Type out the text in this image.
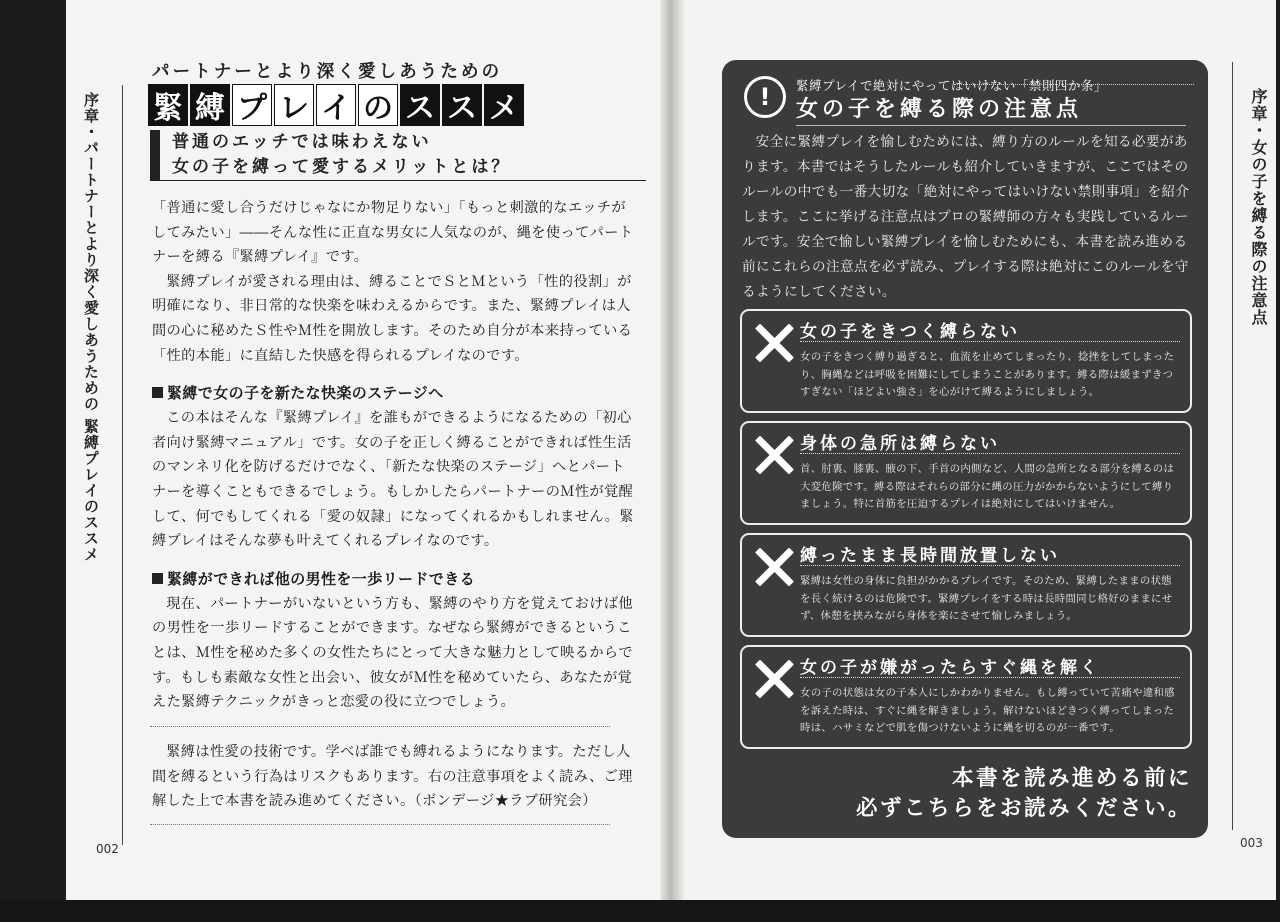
序章・パートナーとより深く愛しあうための 緊縛プレイのススメ
002
パートナーとより深く愛しあうための
緊 縛 プ レ イ の ス ス メ
普通のエッチでは味わえない
女の子を縛って愛するメリットとは？

「普通に愛し合うだけじゃなにか物足りない」「もっと刺激的なエッチがしてみたい」――そんな性に正直な男女に人気なのが、縄を使ってパートナーを縛る『緊縛プレイ』です。

緊縛プレイが愛される理由は、縛ることでＳとＭという「性的役割」が明確になり、非日常的な快楽を味わえるからです。また、緊縛プレイは人間の心に秘めたＳ性やＭ性を開放します。そのため自分が本来持っている「性的本能」に直結した快感を得られるプレイなのです。

緊縛で女の子を新たな快楽のステージへ

この本はそんな『緊縛プレイ』を誰もができるようになるための「初心者向け緊縛マニュアル」です。女の子を正しく縛ることができれば性生活のマンネリ化を防げるだけでなく、「新たな快楽のステージ」へとパートナーを導くこともできるでしょう。もしかしたらパートナーのＭ性が覚醒して、何でもしてくれる「愛の奴隷」になってくれるかもしれません。緊縛プレイはそんな夢も叶えてくれるプレイなのです。

緊縛ができれば他の男性を一歩リードできる

現在、パートナーがいないという方も、緊縛のやり方を覚えておけば他の男性を一歩リードすることができます。なぜなら緊縛ができるということは、Ｍ性を秘めた多くの女性たちにとって大きな魅力として映るからです。もしも素敵な女性と出会い、彼女がＭ性を秘めていたら、あなたが覚えた緊縛テクニックがきっと恋愛の役に立つでしょう。

緊縛は性愛の技術です。学べば誰でも縛れるようになります。ただし人間を縛るという行為はリスクもあります。右の注意事項をよく読み、ご理解した上で本書を読み進めてください。（ボンデージ★ラブ研究会）
!	緊縛プレイで絶対にやってはいけない「禁則四か条」
女の子を縛る際の注意点
安全に緊縛プレイを愉しむためには、縛り方のルールを知る必要があります。本書ではそうしたルールも紹介していきますが、ここではそのルールの中でも一番大切な「絶対にやってはいけない禁則事項」を紹介します。ここに挙げる注意点はプロの緊縛師の方々も実践しているルールです。安全で愉しい緊縛プレイを愉しむためにも、本書を読み進める前にこれらの注意点を必ず読み、プレイする際は絶対にこのルールを守るようにしてください。
女の子をきつく縛らない
女の子をきつく縛り過ぎると、血流を止めてしまったり、捻挫をしてしまったり、胸縄などは呼吸を困難にしてしまうことがあります。縛る際は緩まずきつすぎない「ほどよい強さ」を心がけて縛るようにしましょう。
身体の急所は縛らない
首、肘裏、膝裏、腋の下、手首の内側など、人間の急所となる部分を縛るのは大変危険です。縛る際はそれらの部分に縄の圧力がかからないようにして縛りましょう。特に首筋を圧迫するプレイは絶対にしてはいけません。
縛ったまま長時間放置しない
緊縛は女性の身体に負担がかかるプレイです。そのため、緊縛したままの状態を長く続けるのは危険です。緊縛プレイをする時は長時間同じ格好のままにせず、休憩を挟みながら身体を楽にさせて愉しみましょう。
女の子が嫌がったらすぐ縄を解く
女の子の状態は女の子本人にしかわかりません。もし縛っていて苦痛や違和感を訴えた時は、すぐに縄を解きましょう。解けないほどきつく縛ってしまった時は、ハサミなどで肌を傷つけないように縄を切るのが一番です。
本書を読み進める前に
必ずこちらをお読みください。
序章・女の子を縛る際の注意点
003
